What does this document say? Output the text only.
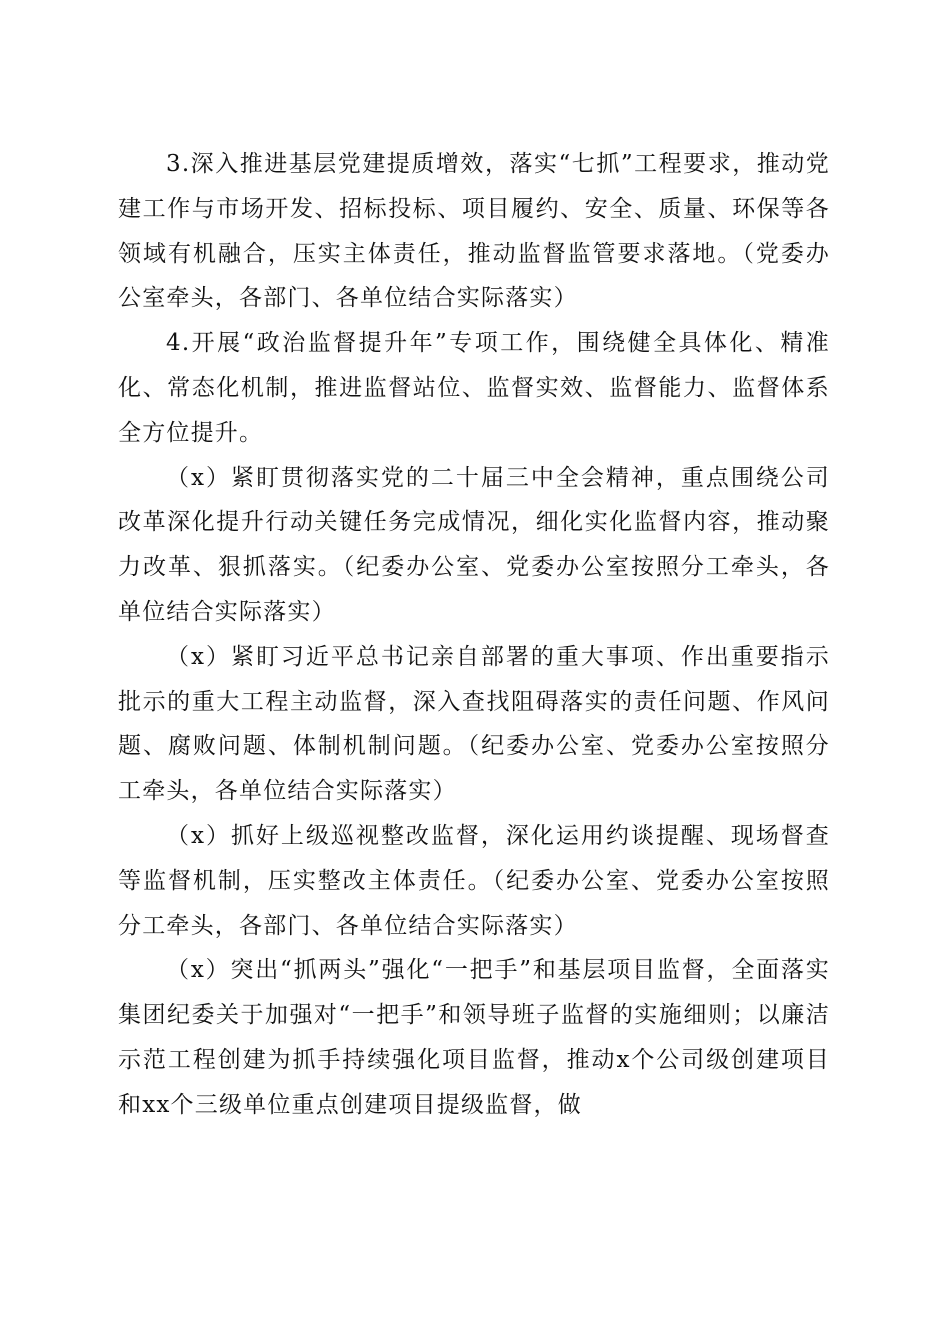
3.深入推进基层党建提质增效，落实“七抓”工程要求，推动党建工作与市场开发、招标投标、项目履约、安全、质量、环保等各领域有机融合，压实主体责任，推动监督监管要求落地。（党委办公室牵头，各部门、各单位结合实际落实）

4.开展“政治监督提升年”专项工作，围绕健全具体化、精准化、常态化机制，推进监督站位、监督实效、监督能力、监督体系全方位提升。

（x）紧盯贯彻落实党的二十届三中全会精神，重点围绕公司改革深化提升行动关键任务完成情况，细化实化监督内容，推动聚力改革、狠抓落实。（纪委办公室、党委办公室按照分工牵头，各单位结合实际落实）

（x）紧盯习近平总书记亲自部署的重大事项、作出重要指示批示的重大工程主动监督，深入查找阻碍落实的责任问题、作风问题、腐败问题、体制机制问题。（纪委办公室、党委办公室按照分工牵头，各单位结合实际落实）

（x）抓好上级巡视整改监督，深化运用约谈提醒、现场督查等监督机制，压实整改主体责任。（纪委办公室、党委办公室按照分工牵头，各部门、各单位结合实际落实）

（x）突出“抓两头”强化“一把手”和基层项目监督，全面落实集团纪委关于加强对“一把手”和领导班子监督的实施细则；以廉洁示范工程创建为抓手持续强化项目监督，推动x个公司级创建项目和xx个三级单位重点创建项目提级监督，做
